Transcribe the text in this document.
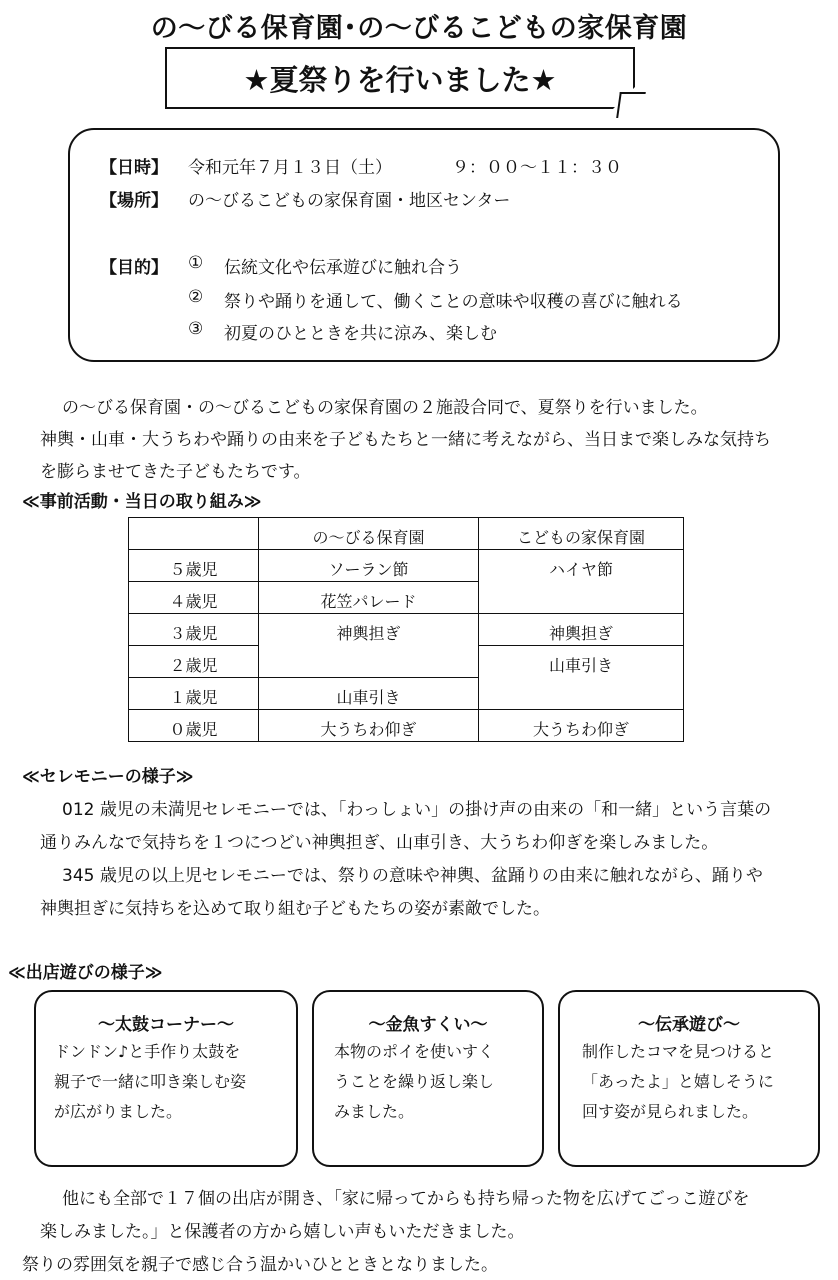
の～びる保育園･の～びるこどもの家保育園
★夏祭りを行いました★
【日時】 令和元年７月１３日（土）	９：００～１１：３０
【場所】 の～びるこどもの家保育園・地区センター
【目的】 ① 伝統文化や伝承遊びに触れ合う
② 祭りや踊りを通して、働くことの意味や収穫の喜びに触れる
③ 初夏のひとときを共に涼み、楽しむ
の～びる保育園・の～びるこどもの家保育園の２施設合同で、夏祭りを行いました。
神輿・山車・大うちわや踊りの由来を子どもたちと一緒に考えながら、当日まで楽しみな気持ち
を膨らませてきた子どもたちです。
≪事前活動・当日の取り組み≫
	の～びる保育園	こどもの家保育園
５歳児	ソーラン節	ハイヤ節
４歳児	花笠パレード	
３歳児	神輿担ぎ	神輿担ぎ
２歳児		山車引き
１歳児	山車引き	
０歳児	大うちわ仰ぎ	大うちわ仰ぎ
≪セレモニーの様子≫
012 歳児の未満児セレモニーでは、「わっしょい」の掛け声の由来の「和一緒」という言葉の
通りみんなで気持ちを１つにつどい神輿担ぎ、山車引き、大うちわ仰ぎを楽しみました。
345 歳児の以上児セレモニーでは、祭りの意味や神輿、盆踊りの由来に触れながら、踊りや
神輿担ぎに気持ちを込めて取り組む子どもたちの姿が素敵でした。
≪出店遊びの様子≫
～太鼓コーナー～
ドンドン♪と手作り太鼓を
親子で一緒に叩き楽しむ姿
が広がりました。
～金魚すくい～
本物のポイを使いすく
うことを繰り返し楽し
みました。
～伝承遊び～
制作したコマを見つけると
「あったよ」と嬉しそうに
回す姿が見られました。
他にも全部で１７個の出店が開き、「家に帰ってからも持ち帰った物を広げてごっこ遊びを
楽しみました。」と保護者の方から嬉しい声もいただきました。
祭りの雰囲気を親子で感じ合う温かいひとときとなりました。
